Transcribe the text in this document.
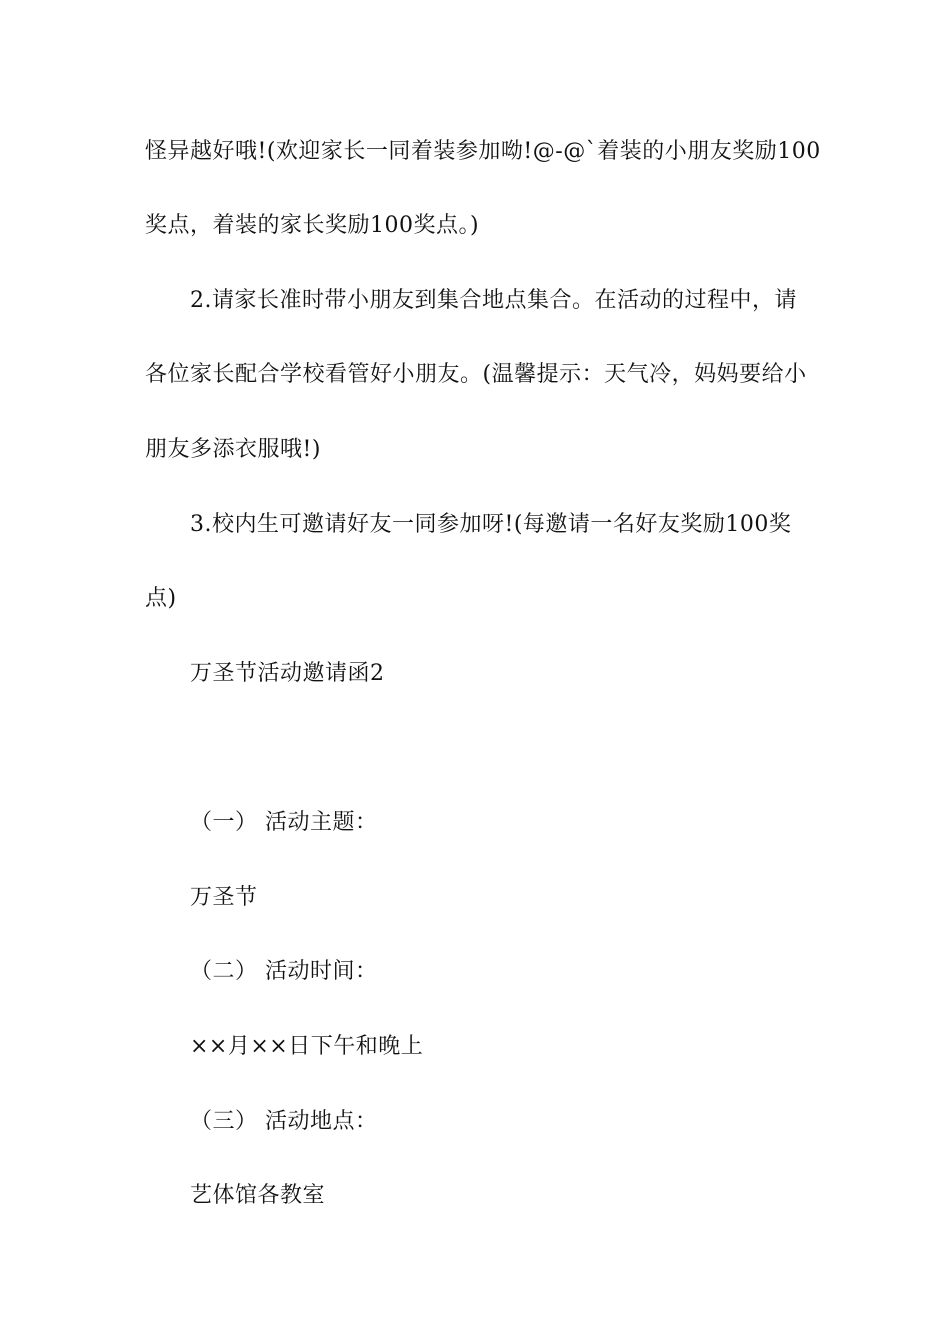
怪异越好哦!(欢迎家长一同着装参加呦!@-@`着装的小朋友奖励100
奖点，着装的家长奖励100奖点。)
2.请家长准时带小朋友到集合地点集合。在活动的过程中，请
各位家长配合学校看管好小朋友。(温馨提示：天气冷，妈妈要给小
朋友多添衣服哦!)
3.校内生可邀请好友一同参加呀!(每邀请一名好友奖励100奖
点)
万圣节活动邀请函2
（一） 活动主题：
万圣节
（二） 活动时间：
××月××日下午和晚上
（三） 活动地点：
艺体馆各教室
